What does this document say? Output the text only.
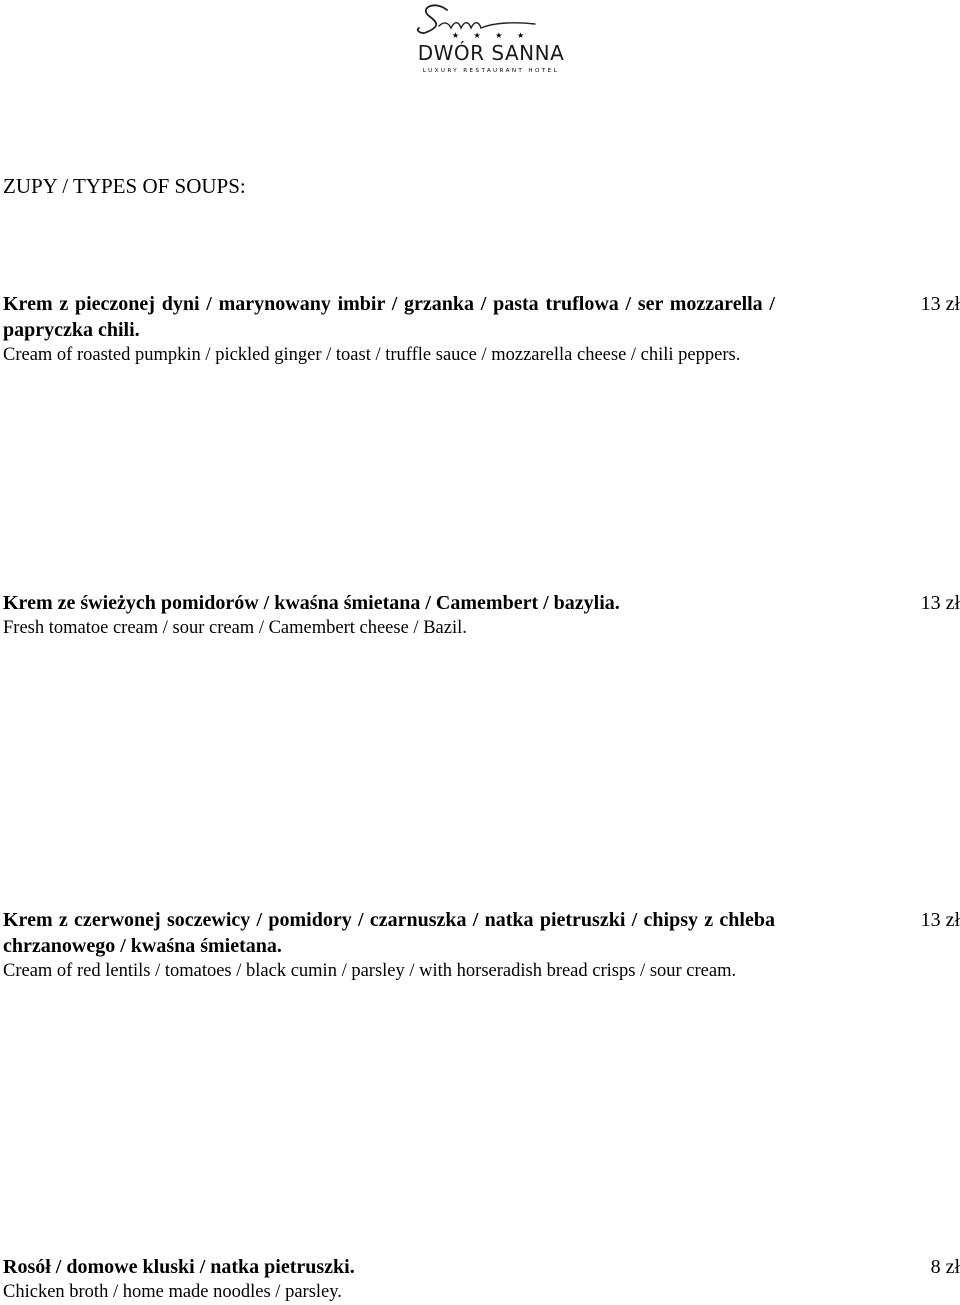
★ ★ ★ ★
DWÓR SANNA
LUXURY RESTAURANT HOTEL
ZUPY / TYPES OF SOUPS:
Krem z pieczonej dyni / marynowany imbir / grzanka / pasta truflowa / ser mozzarella / papryczka chili.
Cream of roasted pumpkin / pickled ginger / toast / truffle sauce / mozzarella cheese / chili peppers.
13 zł
Krem ze świeżych pomidorów / kwaśna śmietana / Camembert / bazylia.
Fresh tomatoe cream / sour cream / Camembert cheese / Bazil.
13 zł
Krem z czerwonej soczewicy / pomidory / czarnuszka / natka pietruszki / chipsy z chleba chrzanowego / kwaśna śmietana.
Cream of red lentils / tomatoes / black cumin / parsley / with horseradish bread crisps / sour cream.
13 zł
Rosół / domowe kluski / natka pietruszki.
Chicken broth / home made noodles / parsley.
8 zł
